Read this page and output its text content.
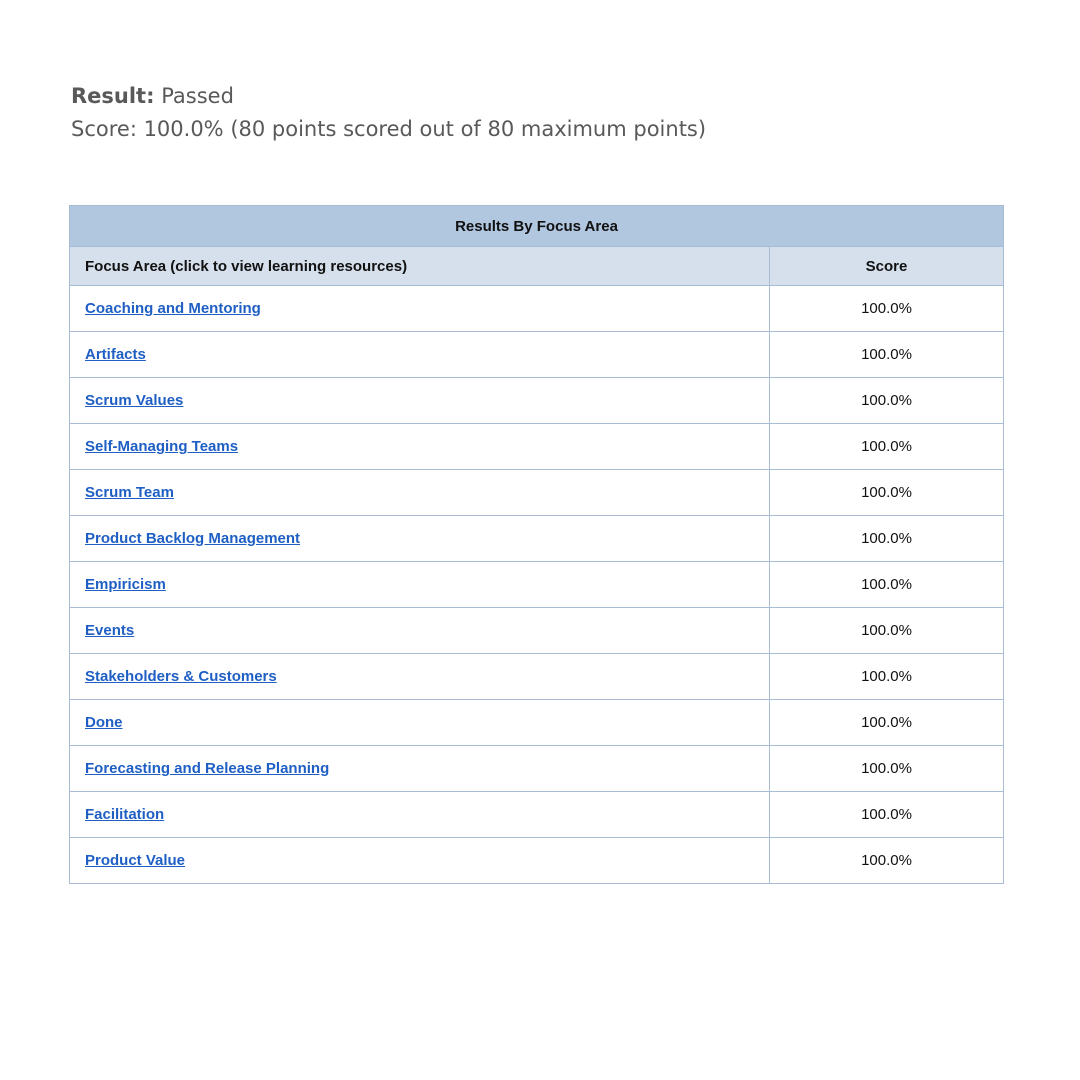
Result: Passed
Score: 100.0% (80 points scored out of 80 maximum points)
Results By Focus Area	
Focus Area (click to view learning resources)	Score
Coaching and Mentoring	100.0%
Artifacts	100.0%
Scrum Values	100.0%
Self-Managing Teams	100.0%
Scrum Team	100.0%
Product Backlog Management	100.0%
Empiricism	100.0%
Events	100.0%
Stakeholders & Customers	100.0%
Done	100.0%
Forecasting and Release Planning	100.0%
Facilitation	100.0%
Product Value	100.0%
